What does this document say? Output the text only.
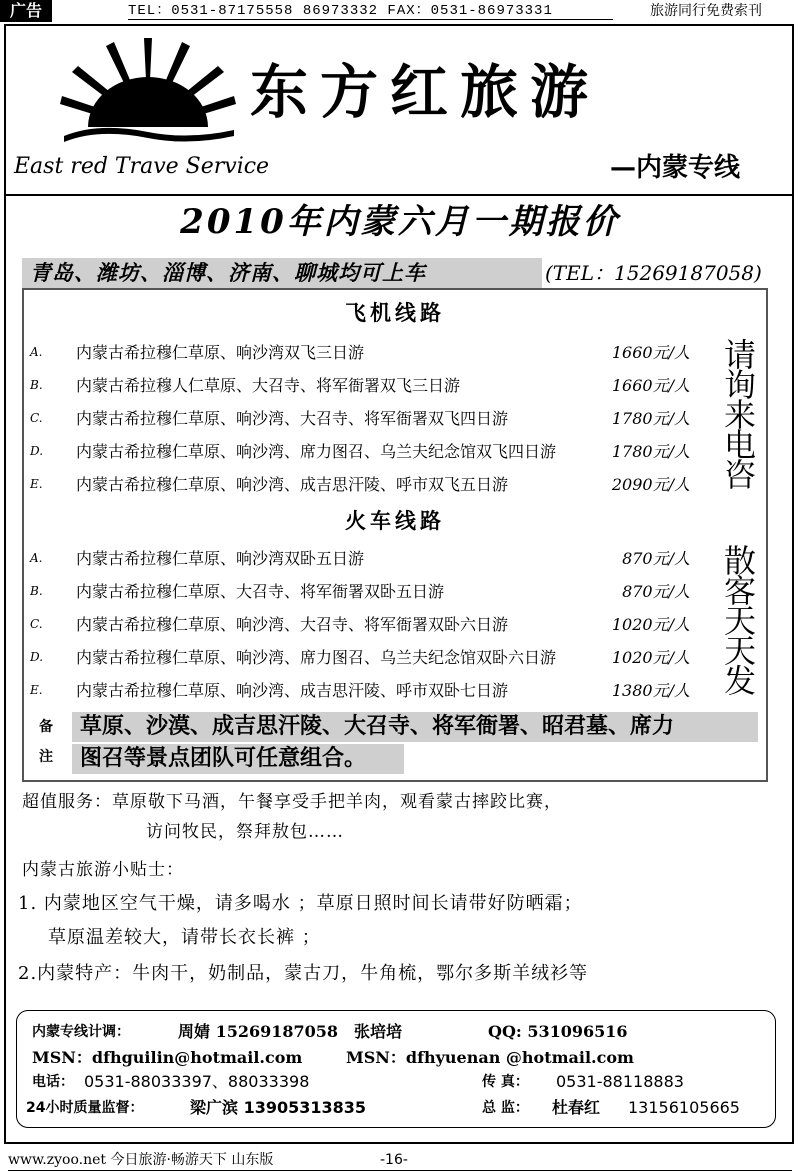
广告	TEL：0531-87175558 86973332 FAX：0531-86973331	旅游同行免费索刊
东方红旅游
East red Trave Service	—内蒙专线
2010年内蒙六月一期报价
青岛、潍坊、淄博、济南、聊城均可上车	(TEL：15269187058)
飞机线路
A. 内蒙古希拉穆仁草原、响沙湾双飞三日游	1660元/人
B. 内蒙古希拉穆人仁草原、大召寺、将军衙署双飞三日游	1660元/人
C. 内蒙古希拉穆仁草原、响沙湾、大召寺、将军衙署双飞四日游	1780元/人
D. 内蒙古希拉穆仁草原、响沙湾、席力图召、乌兰夫纪念馆双飞四日游	1780元/人
E. 内蒙古希拉穆仁草原、响沙湾、成吉思汗陵、呼市双飞五日游	2090元/人 请询来电咨
火车线路
A. 内蒙古希拉穆仁草原、响沙湾双卧五日游	870元/人
B. 内蒙古希拉穆仁草原、大召寺、将军衙署双卧五日游	870元/人
C. 内蒙古希拉穆仁草原、响沙湾、大召寺、将军衙署双卧六日游	1020元/人
D. 内蒙古希拉穆仁草原、响沙湾、席力图召、乌兰夫纪念馆双卧六日游	1020元/人
E. 内蒙古希拉穆仁草原、响沙湾、成吉思汗陵、呼市双卧七日游	1380元/人 散客天天发
备
注
草原、沙漠、成吉思汗陵、大召寺、将军衙署、昭君墓、席力
图召等景点团队可任意组合。
超值服务：草原敬下马酒，午餐享受手把羊肉，观看蒙古摔跤比赛，
访问牧民，祭拜敖包……
内蒙古旅游小贴士：
1. 内蒙地区空气干燥，请多喝水 ；草原日照时间长请带好防晒霜；
草原温差较大，请带长衣长裤 ；
2.内蒙特产：牛肉干，奶制品，蒙古刀，牛角梳，鄂尔多斯羊绒衫等
内蒙专线计调：	周婧 15269187058 张培培	QQ: 531096516
MSN：dfhguilin@hotmail.com	MSN：dfhyuenan @hotmail.com
电话： 0531-88033397、88033398	传 真： 0531-88118883
24小时质量监督：	梁广滨 13905313835	总 监： 杜春红 13156105665
www.zyoo.net 今日旅游·畅游天下 山东版	-16-
